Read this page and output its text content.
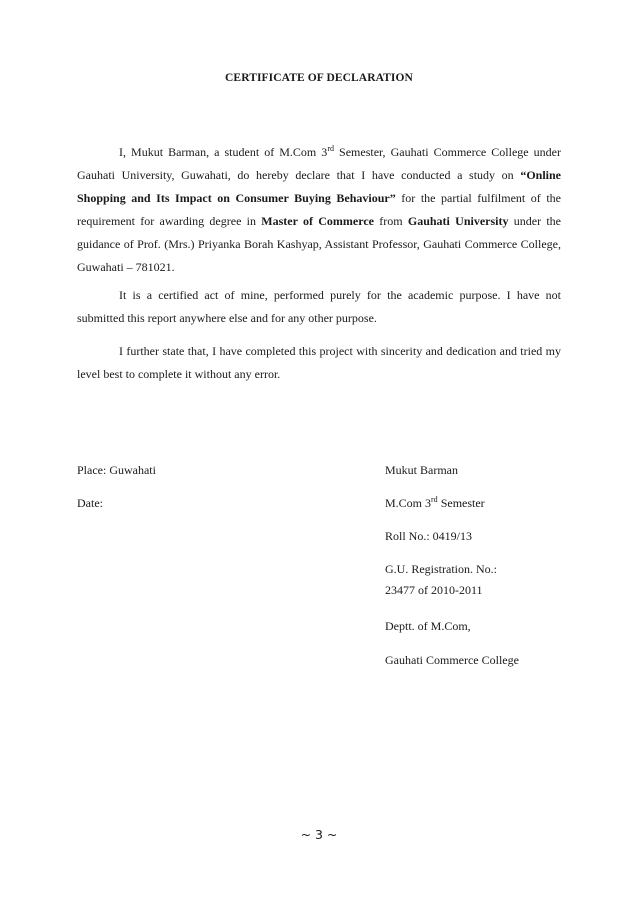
CERTIFICATE OF DECLARATION

I, Mukut Barman, a student of M.Com 3rd Semester, Gauhati Commerce College under Gauhati University, Guwahati, do hereby declare that I have conducted a study on “Online Shopping and Its Impact on Consumer Buying Behaviour” for the partial fulfilment of the requirement for awarding degree in Master of Commerce from Gauhati University under the guidance of Prof. (Mrs.) Priyanka Borah Kashyap, Assistant Professor, Gauhati Commerce College, Guwahati – 781021.

It is a certified act of mine, performed purely for the academic purpose. I have not submitted this report anywhere else and for any other purpose.

I further state that, I have completed this project with sincerity and dedication and tried my level best to complete it without any error.

Place: Guwahati
Date:
Mukut Barman
M.Com 3rd Semester
Roll No.: 0419/13
G.U. Registration. No.:
23477 of 2010-2011
Deptt. of M.Com,
Gauhati Commerce College
~ 3 ~
